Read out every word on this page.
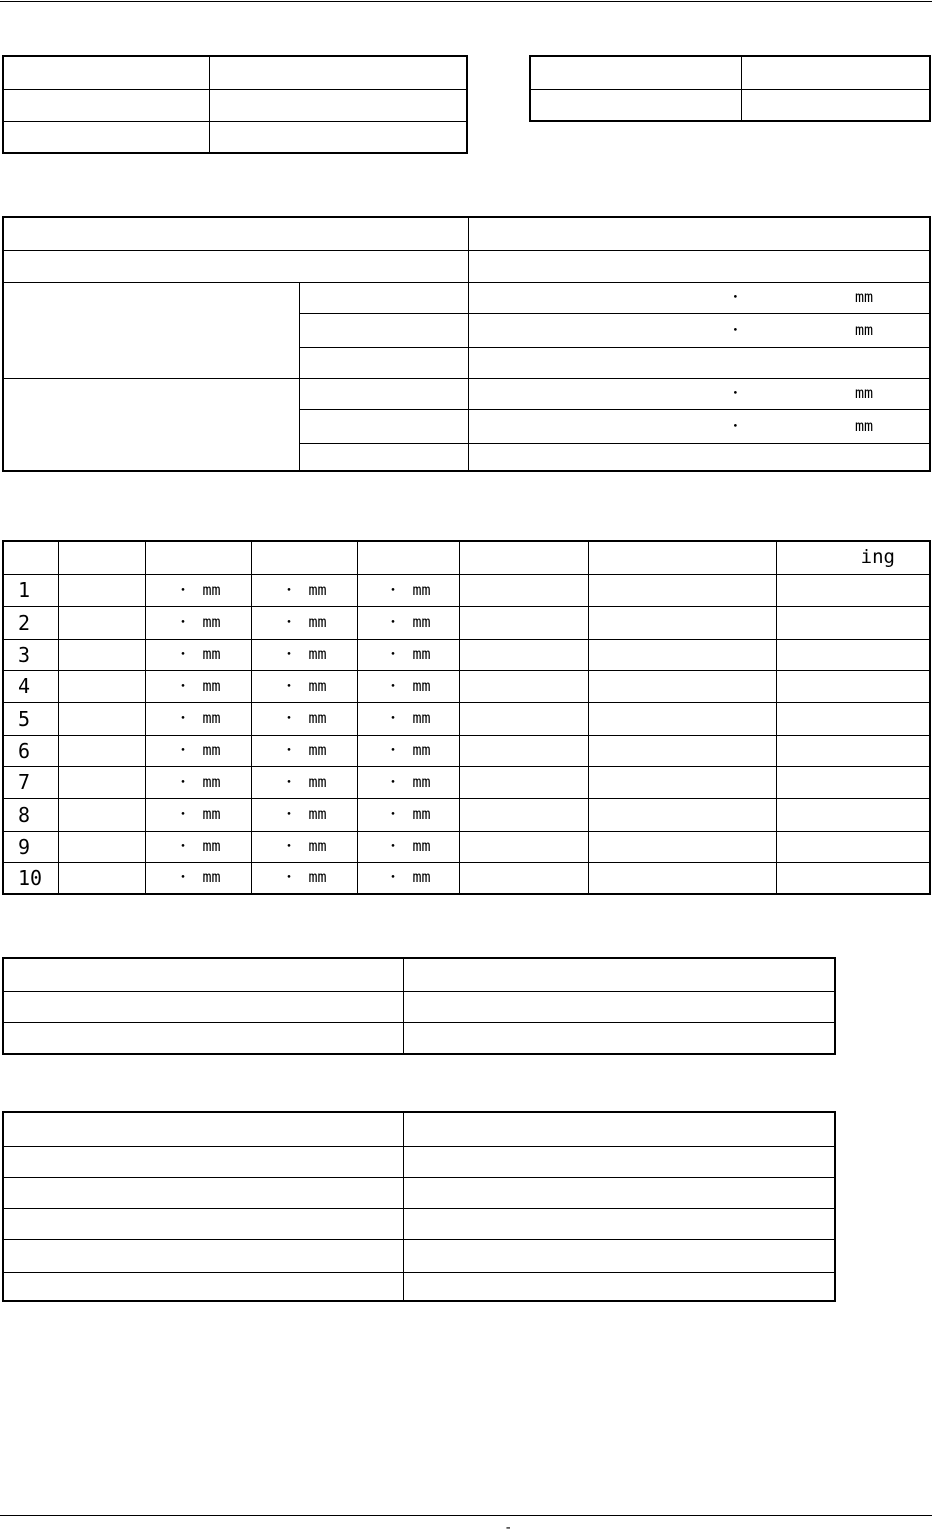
		・ mm
		・ mm

		・ mm
		・ mm

							ing
1		・ mm	・ mm	・ mm			
2		・ mm	・ mm	・ mm			
3		・ mm	・ mm	・ mm			
4		・ mm	・ mm	・ mm			
5		・ mm	・ mm	・ mm			
6		・ mm	・ mm	・ mm			
7		・ mm	・ mm	・ mm			
8		・ mm	・ mm	・ mm			
9		・ mm	・ mm	・ mm			
10		・ mm	・ mm	・ mm			

-
